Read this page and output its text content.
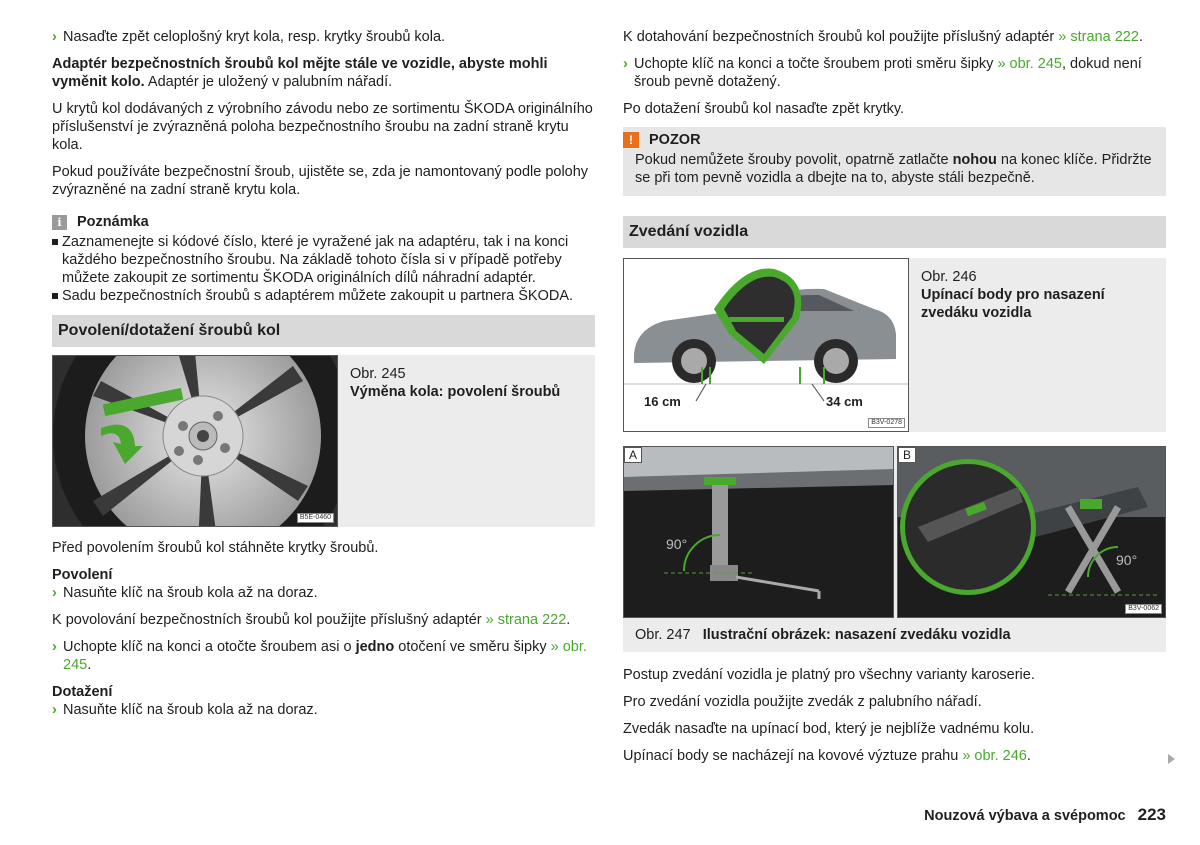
› Nasaďte zpět celoplošný kryt kola, resp. krytky šroubů kola.

Adaptér bezpečnostních šroubů kol mějte stále ve vozidle, abyste mohli vyměnit kolo. Adaptér je uložený v palubním nářadí.

U krytů kol dodávaných z výrobního závodu nebo ze sortimentu ŠKODA originálního příslušenství je zvýrazněná poloha bezpečnostního šroubu na zadní straně krytu kola.

Pokud používáte bezpečnostní šroub, ujistěte se, zda je namontovaný podle polohy zvýrazněné na zadní straně krytu kola.

i	Poznámka
Zaznamenejte si kódové číslo, které je vyražené jak na adaptéru, tak i na konci každého bezpečnostního šroubu. Na základě tohoto čísla si v případě potřeby můžete zakoupit ze sortimentu ŠKODA originálních dílů náhradní adaptér.
Sadu bezpečnostních šroubů s adaptérem můžete zakoupit u partnera ŠKODA.
Povolení/dotažení šroubů kol
B5E-0460
Obr. 245
Výměna kola: povolení šroubů

Před povolením šroubů kol stáhněte krytky šroubů.

Povolení
› Nasuňte klíč na šroub kola až na doraz.

K povolování bezpečnostních šroubů kol použijte příslušný adaptér » strana 222.

› Uchopte klíč na konci a otočte šroubem asi o jedno otočení ve směru šipky » obr. 245.
Dotažení
› Nasuňte klíč na šroub kola až na doraz.

K dotahování bezpečnostních šroubů kol použijte příslušný adaptér » strana 222.

› Uchopte klíč na konci a točte šroubem proti směru šipky » obr. 245, dokud není šroub pevně dotažený.

Po dotažení šroubů kol nasaďte zpět krytky.

!	POZOR
Pokud nemůžete šrouby povolit, opatrně zatlačte nohou na konec klíče. Přidržte se při tom pevně vozidla a dbejte na to, abyste stáli bezpečně.
Zvedání vozidla
16 cm	34 cm
B3V-0278
Obr. 246
Upínací body pro nasazení zvedáku vozidla
A
90°
B
90°
B3V-0062
Obr. 247 Ilustrační obrázek: nasazení zvedáku vozidla

Postup zvedání vozidla je platný pro všechny varianty karoserie.

Pro zvedání vozidla použijte zvedák z palubního nářadí.

Zvedák nasaďte na upínací bod, který je nejblíže vadnému kolu.

Upínací body se nacházejí na kovové výztuze prahu » obr. 246.

Nouzová výbava a svépomoc 223
